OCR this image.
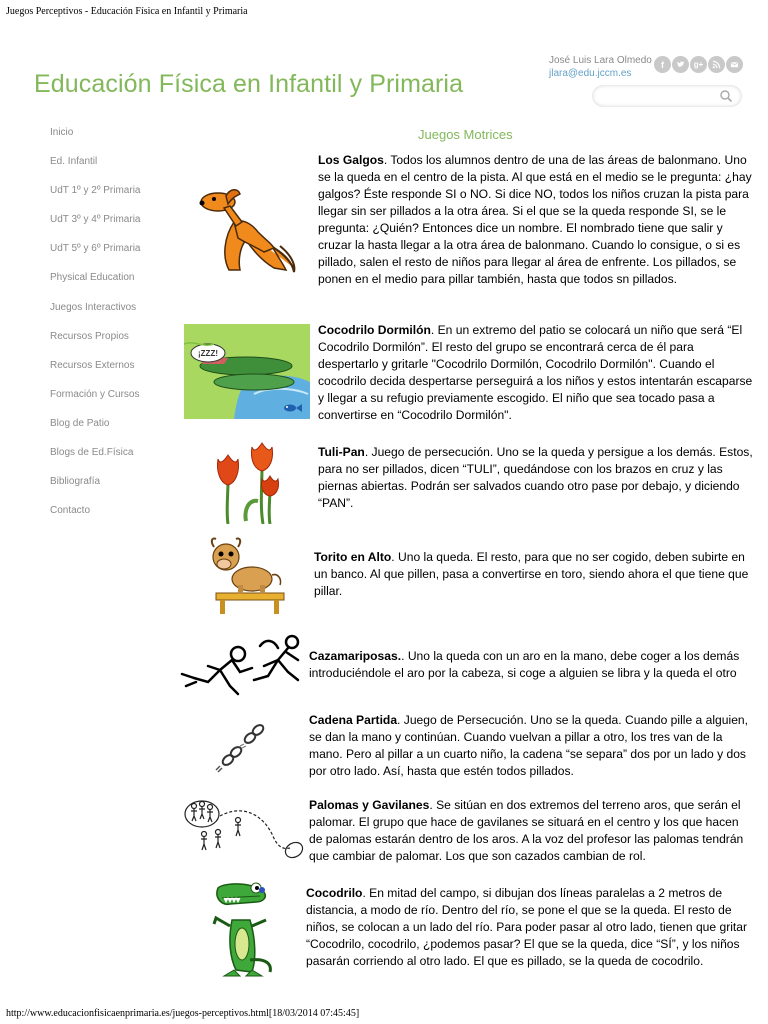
Juegos Perceptivos - Educación Física en Infantil y Primaria
http://www.educacionfisicaenprimaria.es/juegos-perceptivos.html[18/03/2014 07:45:45]
Educación Física en Infantil y Primaria
José Luis Lara Olmedo
jlara@edu.jccm.es
f	g+
Inicio
Ed. Infantil
UdT 1º y 2º Primaria
UdT 3º y 4º Primaria
UdT 5º y 6º Primaria
Physical Education
Juegos Interactivos
Recursos Propios
Recursos Externos
Formación y Cursos
Blog de Patio
Blogs de Ed.Física
Bibliografía
Contacto
Juegos Motrices
Los Galgos. Todos los alumnos dentro de una de las áreas de balonmano. Uno se la queda en el centro de la pista. Al que está en el medio se le pregunta: ¿hay galgos? Éste responde SI o NO. Si dice NO, todos los niños cruzan la pista para llegar sin ser pillados a la otra área. Si el que se la queda responde SI, se le pregunta: ¿Quién? Entonces dice un nombre. El nombrado tiene que salir y cruzar la hasta llegar a la otra área de balonmano. Cuando lo consigue, o si es pillado, salen el resto de niños para llegar al área de enfrente. Los pillados, se ponen en el medio para pillar también, hasta que todos sn pillados.
¡ZZZ!
Cocodrilo Dormilón. En un extremo del patio se colocará un niño que será “El Cocodrilo Dormilón”. El resto del grupo se encontrará cerca de él para despertarlo y gritarle "Cocodrilo Dormilón, Cocodrilo Dormilón". Cuando el cocodrilo decida despertarse perseguirá a los niños y estos intentarán escaparse y llegar a su refugio previamente escogido. El niño que sea tocado pasa a convertirse en “Cocodrilo Dormilón".
Tuli-Pan. Juego de persecución. Uno se la queda y persigue a los demás. Estos, para no ser pillados, dicen “TULI”, quedándose con los brazos en cruz y las piernas abiertas. Podrán ser salvados cuando otro pase por debajo, y diciendo “PAN”.
Torito en Alto. Uno la queda. El resto, para que no ser cogido, deben subirte en un banco. Al que pillen, pasa a convertirse en toro, siendo ahora el que tiene que pillar.
Cazamariposas.. Uno la queda con un aro en la mano, debe coger a los demás introduciéndole el aro por la cabeza, si coge a alguien se libra y la queda el otro
Cadena Partida. Juego de Persecución. Uno se la queda. Cuando pille a alguien, se dan la mano y continúan. Cuando vuelvan a pillar a otro, los tres van de la mano. Pero al pillar a un cuarto niño, la cadena “se separa” dos por un lado y dos por otro lado. Así, hasta que estén todos pillados.
Palomas y Gavilanes. Se sitúan en dos extremos del terreno aros, que serán el palomar. El grupo que hace de gavilanes se situará en el centro y los que hacen de palomas estarán dentro de los aros. A la voz del profesor las palomas tendrán que cambiar de palomar. Los que son cazados cambian de rol.
Cocodrilo. En mitad del campo, si dibujan dos líneas paralelas a 2 metros de distancia, a modo de río. Dentro del río, se pone el que se la queda. El resto de niños, se colocan a un lado del río. Para poder pasar al otro lado, tienen que gritar “Cocodrilo, cocodrilo, ¿podemos pasar? El que se la queda, dice “SÍ”, y los niños pasarán corriendo al otro lado. El que es pillado, se la queda de cocodrilo.
